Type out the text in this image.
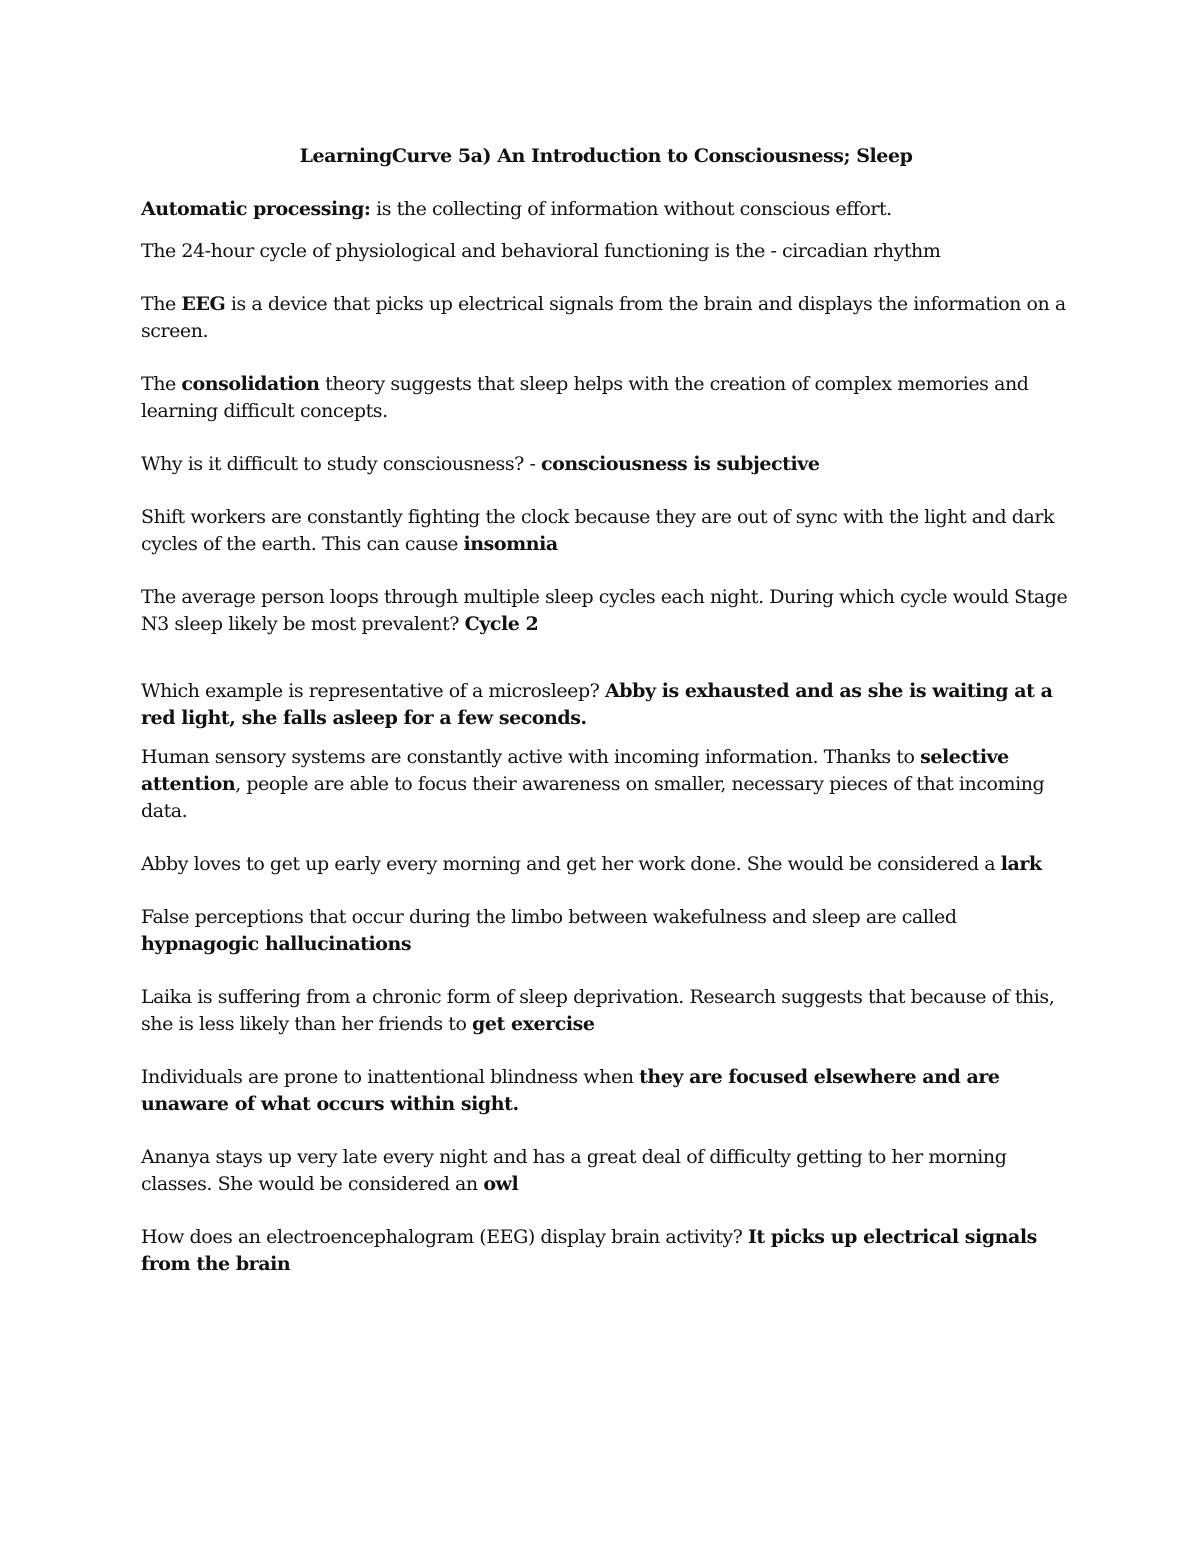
LearningCurve 5a) An Introduction to Consciousness; Sleep

Automatic processing: is the collecting of information without conscious effort.

The 24-hour cycle of physiological and behavioral functioning is the - circadian rhythm

The EEG is a device that picks up electrical signals from the brain and displays the information on a screen.

The consolidation theory suggests that sleep helps with the creation of complex memories and learning difficult concepts.

Why is it difficult to study consciousness? - consciousness is subjective

Shift workers are constantly fighting the clock because they are out of sync with the light and dark cycles of the earth. This can cause insomnia

The average person loops through multiple sleep cycles each night. During which cycle would Stage N3 sleep likely be most prevalent? Cycle 2

Which example is representative of a microsleep? Abby is exhausted and as she is waiting at a red light, she falls asleep for a few seconds.

Human sensory systems are constantly active with incoming information. Thanks to selective attention, people are able to focus their awareness on smaller, necessary pieces of that incoming data.

Abby loves to get up early every morning and get her work done. She would be considered a lark

False perceptions that occur during the limbo between wakefulness and sleep are called hypnagogic hallucinations

Laika is suffering from a chronic form of sleep deprivation. Research suggests that because of this, she is less likely than her friends to get exercise

Individuals are prone to inattentional blindness when they are focused elsewhere and are unaware of what occurs within sight.

Ananya stays up very late every night and has a great deal of difficulty getting to her morning classes. She would be considered an owl

How does an electroencephalogram (EEG) display brain activity? It picks up electrical signals from the brain
